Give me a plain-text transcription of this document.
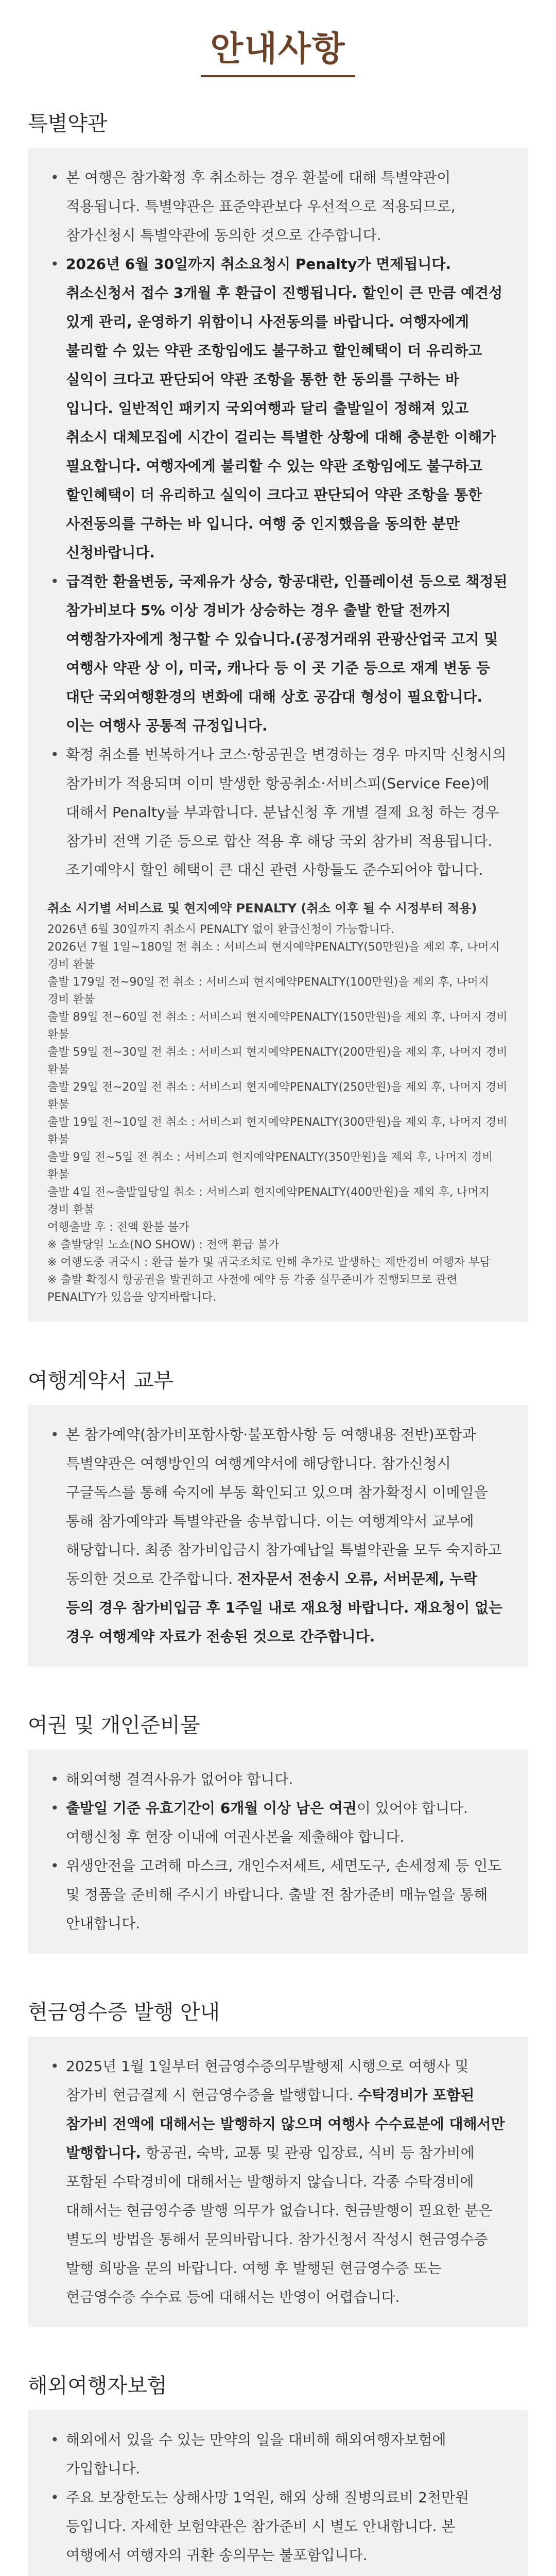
안내사항
특별약관
• 본 여행은 참가확정 후 취소하는 경우 환불에 대해 특별약관이 적용됩니다. 특별약관은 표준약관보다 우선적으로 적용되므로, 참가신청시 특별약관에 동의한 것으로 간주합니다.
• 2026년 6월 30일까지 취소요청시 Penalty가 면제됩니다. 취소신청서 접수 3개월 후 환급이 진행됩니다. 할인이 큰 만큼 예견성 있게 관리, 운영하기 위함이니 사전동의를 바랍니다. 여행자에게 불리할 수 있는 약관 조항임에도 불구하고 할인혜택이 더 유리하고 실익이 크다고 판단되어 약관 조항을 통한 한 동의를 구하는 바 입니다. 일반적인 패키지 국외여행과 달리 출발일이 정해져 있고 취소시 대체모집에 시간이 걸리는 특별한 상황에 대해 충분한 이해가 필요합니다. 여행자에게 불리할 수 있는 약관 조항임에도 불구하고 할인혜택이 더 유리하고 실익이 크다고 판단되어 약관 조항을 통한 사전동의를 구하는 바 입니다. 여행 중 인지했음을 동의한 분만 신청바랍니다.
• 급격한 환율변동, 국제유가 상승, 항공대란, 인플레이션 등으로 책정된 참가비보다 5% 이상 경비가 상승하는 경우 출발 한달 전까지 여행참가자에게 청구할 수 있습니다.(공정거래위 관광산업국 고지 및 여행사 약관 상 이, 미국, 캐나다 등 이 곳 기준 등으로 재계 변동 등 대단 국외여행환경의 변화에 대해 상호 공감대 형성이 필요합니다. 이는 여행사 공통적 규정입니다.
• 확정 취소를 번복하거나 코스·항공권을 변경하는 경우 마지막 신청시의 참가비가 적용되며 이미 발생한 항공취소·서비스피(Service Fee)에 대해서 Penalty를 부과합니다. 분납신청 후 개별 결제 요청 하는 경우 참가비 전액 기준 등으로 합산 적용 후 해당 국외 참가비 적용됩니다. 조기예약시 할인 혜택이 큰 대신 관련 사항들도 준수되어야 합니다.
취소 시기별 서비스료 및 현지예약 PENALTY (취소 이후 될 수 시정부터 적용)
2026년 6월 30일까지 취소시 PENALTY 없이 환급신청이 가능합니다.
2026년 7월 1일~180일 전 취소 : 서비스피 현지예약PENALTY(50만원)을 제외 후, 나머지 경비 환불
출발 179일 전~90일 전 취소 : 서비스피 현지예약PENALTY(100만원)을 제외 후, 나머지 경비 환불
출발 89일 전~60일 전 취소 : 서비스피 현지예약PENALTY(150만원)을 제외 후, 나머지 경비 환불
출발 59일 전~30일 전 취소 : 서비스피 현지예약PENALTY(200만원)을 제외 후, 나머지 경비 환불
출발 29일 전~20일 전 취소 : 서비스피 현지예약PENALTY(250만원)을 제외 후, 나머지 경비 환불
출발 19일 전~10일 전 취소 : 서비스피 현지예약PENALTY(300만원)을 제외 후, 나머지 경비 환불
출발 9일 전~5일 전 취소 : 서비스피 현지예약PENALTY(350만원)을 제외 후, 나머지 경비 환불
출발 4일 전~출발일당일 취소 : 서비스피 현지예약PENALTY(400만원)을 제외 후, 나머지 경비 환불
여행출발 후 : 전액 환불 불가
※ 출발당일 노쇼(NO SHOW) : 전액 환급 불가
※ 여행도중 귀국시 : 환급 불가 및 귀국조치로 인해 추가로 발생하는 제반경비 여행자 부담
※ 출발 확정시 항공권을 발권하고 사전에 예약 등 각종 실무준비가 진행되므로 관련 PENALTY가 있음을 양지바랍니다.
여행계약서 교부
• 본 참가예약(참가비포함사항·불포함사항 등 여행내용 전반)포함과 특별약관은 여행방인의 여행계약서에 해당합니다. 참가신청시 구글독스를 통해 숙지에 부동 확인되고 있으며 참가확정시 이메일을 통해 참가예약과 특별약관을 송부합니다. 이는 여행계약서 교부에 해당합니다. 최종 참가비입금시 참가예납일 특별약관을 모두 숙지하고 동의한 것으로 간주합니다. 전자문서 전송시 오류, 서버문제, 누락 등의 경우 참가비입금 후 1주일 내로 재요청 바랍니다. 재요청이 없는 경우 여행계약 자료가 전송된 것으로 간주합니다.
여권 및 개인준비물
• 해외여행 결격사유가 없어야 합니다.
• 출발일 기준 유효기간이 6개월 이상 남은 여권이 있어야 합니다. 여행신청 후 현장 이내에 여권사본을 제출해야 합니다.
• 위생안전을 고려해 마스크, 개인수저세트, 세면도구, 손세정제 등 인도 및 정품을 준비해 주시기 바랍니다. 출발 전 참가준비 매뉴얼을 통해 안내합니다.
현금영수증 발행 안내
• 2025년 1월 1일부터 현금영수증의무발행제 시행으로 여행사 및 참가비 현금결제 시 현금영수증을 발행합니다. 수탁경비가 포함된 참가비 전액에 대해서는 발행하지 않으며 여행사 수수료분에 대해서만 발행합니다. 항공권, 숙박, 교통 및 관광 입장료, 식비 등 참가비에 포함된 수탁경비에 대해서는 발행하지 않습니다. 각종 수탁경비에 대해서는 현금영수증 발행 의무가 없습니다. 현금발행이 필요한 분은 별도의 방법을 통해서 문의바랍니다. 참가신청서 작성시 현금영수증 발행 희망을 문의 바랍니다. 여행 후 발행된 현금영수증 또는 현금영수증 수수료 등에 대해서는 반영이 어렵습니다.
해외여행자보험
• 해외에서 있을 수 있는 만약의 일을 대비해 해외여행자보험에 가입합니다.
• 주요 보장한도는 상해사망 1억원, 해외 상해 질병의료비 2천만원 등입니다. 자세한 보험약관은 참가준비 시 별도 안내합니다. 본 여행에서 여행자의 귀환 송의무는 불포함입니다.
•
